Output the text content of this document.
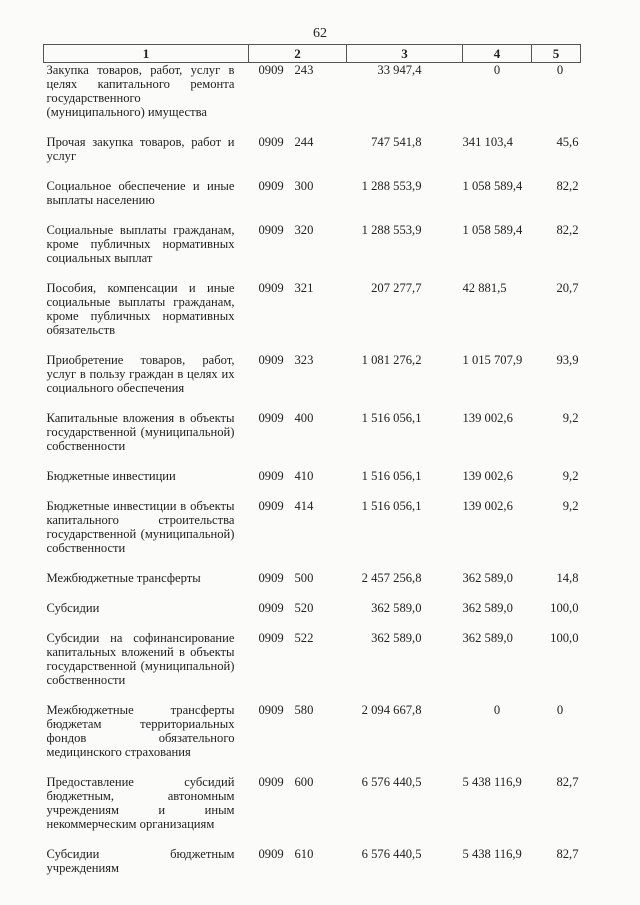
62
1	2	3	4	5
Закупка товаров, работ, услуг в целях капитального ремонта государственного (муниципального) имущества	0909 243	33 947,4	0	0
Прочая закупка товаров, работ и услуг	0909 244	747 541,8	341 103,4	45,6
Социальное обеспечение и иные выплаты населению	0909 300	1 288 553,9	1 058 589,4	82,2
Социальные выплаты гражданам, кроме публичных нормативных социальных выплат	0909 320	1 288 553,9	1 058 589,4	82,2
Пособия, компенсации и иные социальные выплаты гражданам, кроме публичных нормативных обязательств	0909 321	207 277,7	42 881,5	20,7
Приобретение товаров, работ, услуг в пользу граждан в целях их социального обеспечения	0909 323	1 081 276,2	1 015 707,9	93,9
Капитальные вложения в объекты государственной (муниципальной) собственности	0909 400	1 516 056,1	139 002,6	9,2
Бюджетные инвестиции	0909 410	1 516 056,1	139 002,6	9,2
Бюджетные инвестиции в объекты капитального строительства государственной (муниципальной) собственности	0909 414	1 516 056,1	139 002,6	9,2
Межбюджетные трансферты	0909 500	2 457 256,8	362 589,0	14,8
Субсидии	0909 520	362 589,0	362 589,0	100,0
Субсидии на софинансирование капитальных вложений в объекты государственной (муниципальной) собственности	0909 522	362 589,0	362 589,0	100,0
Межбюджетные трансферты бюджетам территориальных фондов обязательного медицинского страхования	0909 580	2 094 667,8	0	0
Предоставление субсидий бюджетным, автономным учреждениям и иным некоммерческим организациям	0909 600	6 576 440,5	5 438 116,9	82,7
Субсидии бюджетным учреждениям	0909 610	6 576 440,5	5 438 116,9	82,7
